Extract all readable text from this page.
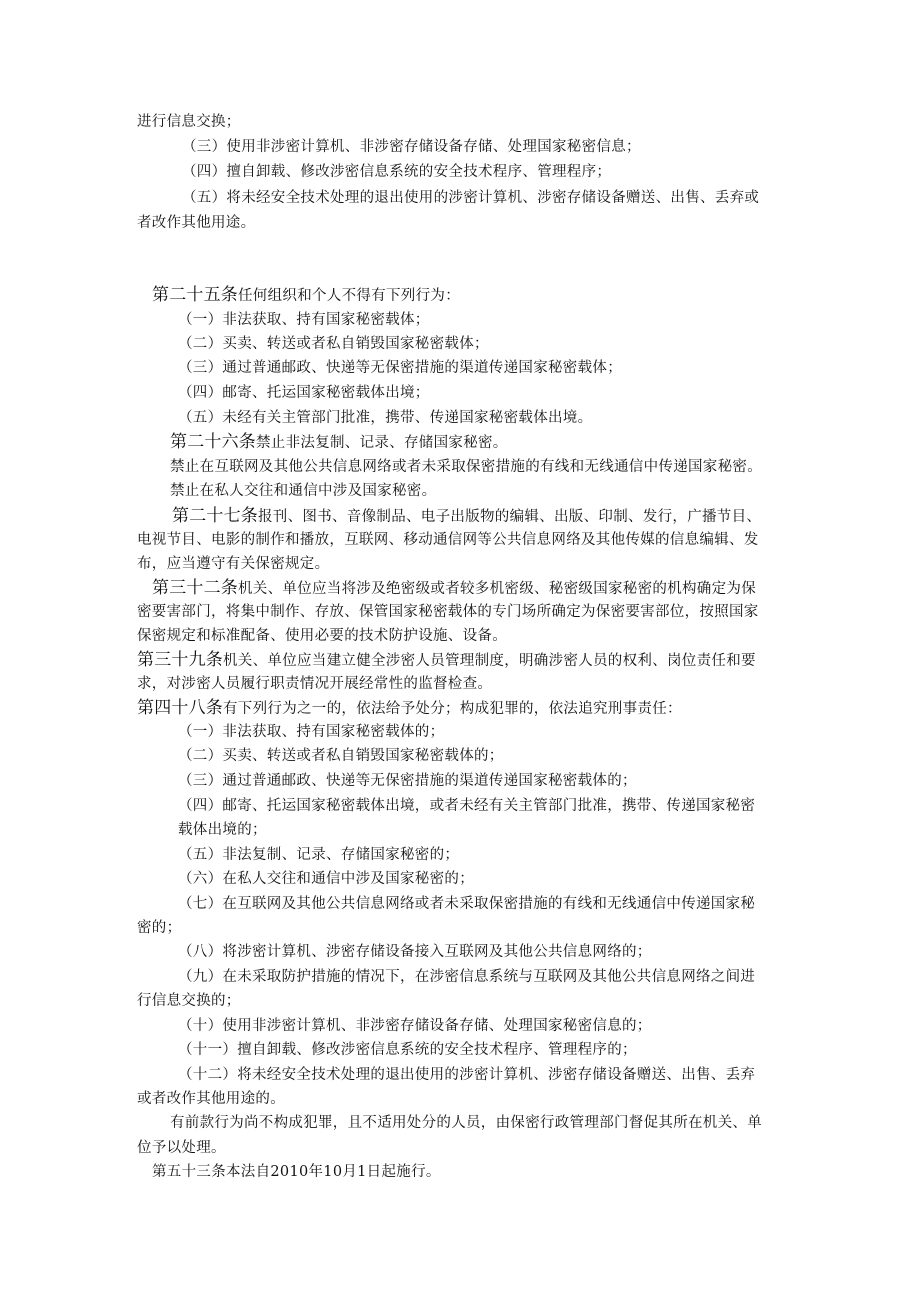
进行信息交换；
（三）使用非涉密计算机、非涉密存储设备存储、处理国家秘密信息；
（四）擅自卸载、修改涉密信息系统的安全技术程序、管理程序；
（五）将未经安全技术处理的退出使用的涉密计算机、涉密存储设备赠送、出售、丢弃或
者改作其他用途。
第二十五条任何组织和个人不得有下列行为：
（一）非法获取、持有国家秘密载体；
（二）买卖、转送或者私自销毁国家秘密载体；
（三）通过普通邮政、快递等无保密措施的渠道传递国家秘密载体；
（四）邮寄、托运国家秘密载体出境；
（五）未经有关主管部门批准，携带、传递国家秘密载体出境。
第二十六条禁止非法复制、记录、存储国家秘密。
禁止在互联网及其他公共信息网络或者未采取保密措施的有线和无线通信中传递国家秘密。
禁止在私人交往和通信中涉及国家秘密。
第二十七条报刊、图书、音像制品、电子出版物的编辑、出版、印制、发行，广播节目、
电视节目、电影的制作和播放，互联网、移动通信网等公共信息网络及其他传媒的信息编辑、发
布，应当遵守有关保密规定。
第三十二条机关、单位应当将涉及绝密级或者较多机密级、秘密级国家秘密的机构确定为保
密要害部门，将集中制作、存放、保管国家秘密载体的专门场所确定为保密要害部位，按照国家
保密规定和标准配备、使用必要的技术防护设施、设备。
第三十九条机关、单位应当建立健全涉密人员管理制度，明确涉密人员的权利、岗位责任和要
求，对涉密人员履行职责情况开展经常性的监督检查。
第四十八条有下列行为之一的，依法给予处分；构成犯罪的，依法追究刑事责任：
（一）非法获取、持有国家秘密载体的；
（二）买卖、转送或者私自销毁国家秘密载体的；
（三）通过普通邮政、快递等无保密措施的渠道传递国家秘密载体的；
（四）邮寄、托运国家秘密载体出境，或者未经有关主管部门批准，携带、传递国家秘密
载体出境的；
（五）非法复制、记录、存储国家秘密的；
（六）在私人交往和通信中涉及国家秘密的；
（七）在互联网及其他公共信息网络或者未采取保密措施的有线和无线通信中传递国家秘
密的；
（八）将涉密计算机、涉密存储设备接入互联网及其他公共信息网络的；
（九）在未采取防护措施的情况下，在涉密信息系统与互联网及其他公共信息网络之间进
行信息交换的；
（十）使用非涉密计算机、非涉密存储设备存储、处理国家秘密信息的；
（十一）擅自卸载、修改涉密信息系统的安全技术程序、管理程序的；
（十二）将未经安全技术处理的退出使用的涉密计算机、涉密存储设备赠送、出售、丢弃
或者改作其他用途的。
有前款行为尚不构成犯罪，且不适用处分的人员，由保密行政管理部门督促其所在机关、单
位予以处理。
第五十三条本法自2010年10月1日起施行。
